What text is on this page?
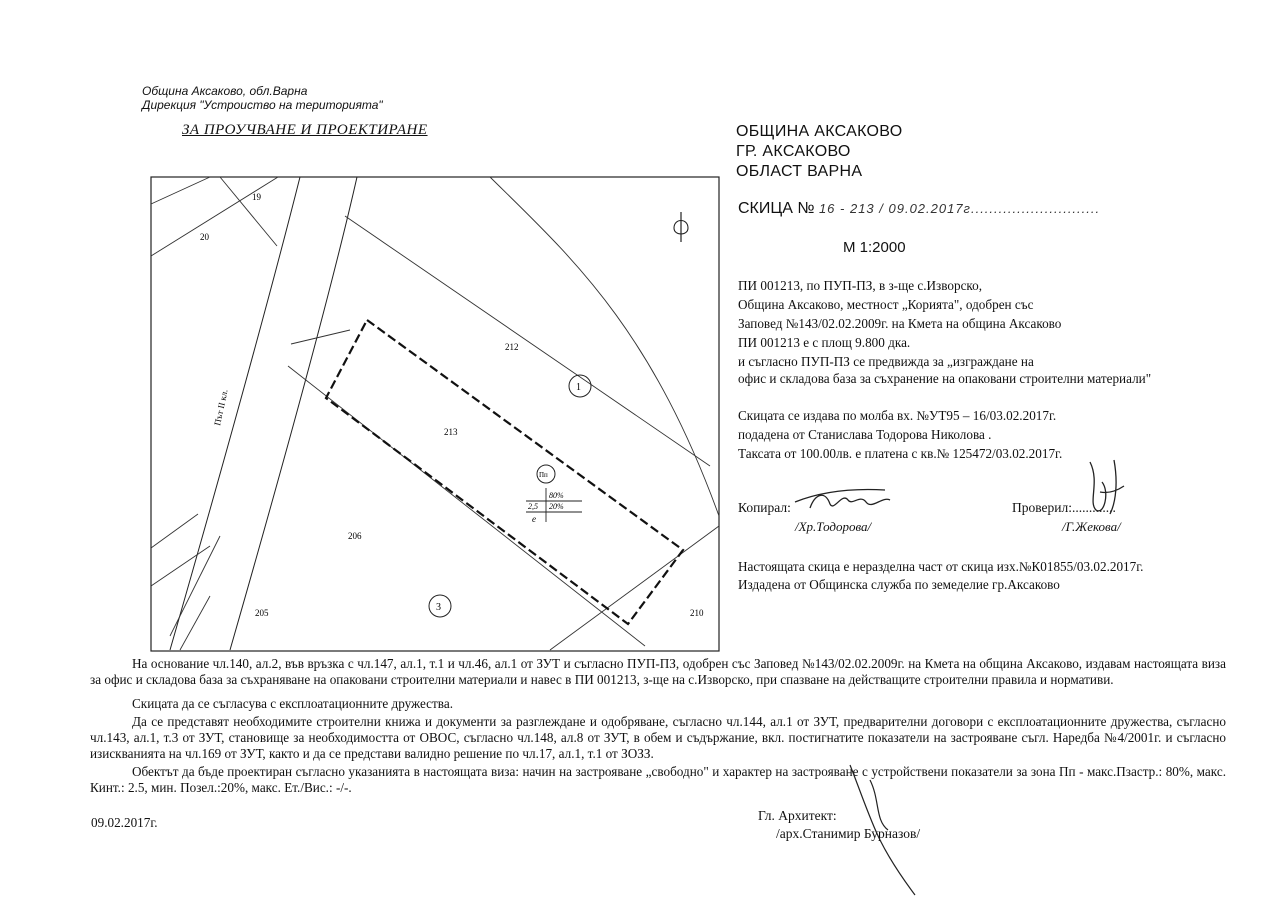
Община Аксаково, обл.Варна
Дирекция "Устроиство на територията"
ЗА ПРОУЧВАНЕ И ПРОЕКТИРАНЕ	ОБЩИНА АКСАКОВО
ГР. АКСАКОВО
ОБЛАСТ ВАРНА
СКИЦА № 16 - 213 / 09.02.2017г............................
М 1:2000
ПИ 001213, по ПУП-ПЗ, в з-ще с.Изворско,
Община Аксаково, местност „Корията", одобрен със
Заповед №143/02.02.2009г. на Кмета на община Аксаково
ПИ 001213 е с площ 9.800 дка.
и съгласно ПУП-ПЗ се предвижда за „изграждане на
офис и складова база за съхранение на опаковани строителни материали"
Скицата се издава по молба вх. №УТ95 – 16/03.02.2017г.
подадена от Станислава Тодорова Николова .
Таксата от 100.00лв. е платена с кв.№ 125472/03.02.2017г.
Копирал:
/Хр.Тодорова/
Проверил:.............
/Г.Жекова/
Настоящата скица е неразделна част от скица изх.№К01855/03.02.2017г.
Издадена от Общинска служба по земеделие гр.Аксаково
19
20
212
213
206
205	210
Път II кл.
1
3
Пп
80%
2,5 20%
е
На основание чл.140, ал.2, във връзка с чл.147, ал.1, т.1 и чл.46, ал.1 от ЗУТ и съгласно ПУП-ПЗ, одобрен със Заповед №143/02.02.2009г. на Кмета на община Аксаково, издавам настоящата виза за офис и складова база за съхраняване на опаковани строителни материали и навес в ПИ 001213, з-ще на с.Изворско, при спазване на действащите строителни правила и нормативи.
Скицата да се съгласува с експлоатационните дружества.
Да се представят необходимите строителни книжа и документи за разглеждане и одобряване, съгласно чл.144, ал.1 от ЗУТ, предварителни договори с експлоатационните дружества, съгласно чл.143, ал.1, т.3 от ЗУТ, становище за необходимостта от ОВОС, съгласно чл.148, ал.8 от ЗУТ, в обем и съдържание, вкл. постигнатите показатели на застрояване съгл. Наредба №4/2001г. и съгласно изискванията на чл.169 от ЗУТ, както и да се представи валидно решение по чл.17, ал.1, т.1 от ЗОЗЗ.
Обектът да бъде проектиран съгласно указанията в настоящата виза: начин на застрояване „свободно" и характер на застрояване с устройствени показатели за зона Пп - макс.Пзастр.: 80%, макс. Кинт.: 2.5, мин. Позел.:20%, макс. Ет./Вис.: -/-.
09.02.2017г.	Гл. Архитект:
/арх.Станимир Бурназов/
